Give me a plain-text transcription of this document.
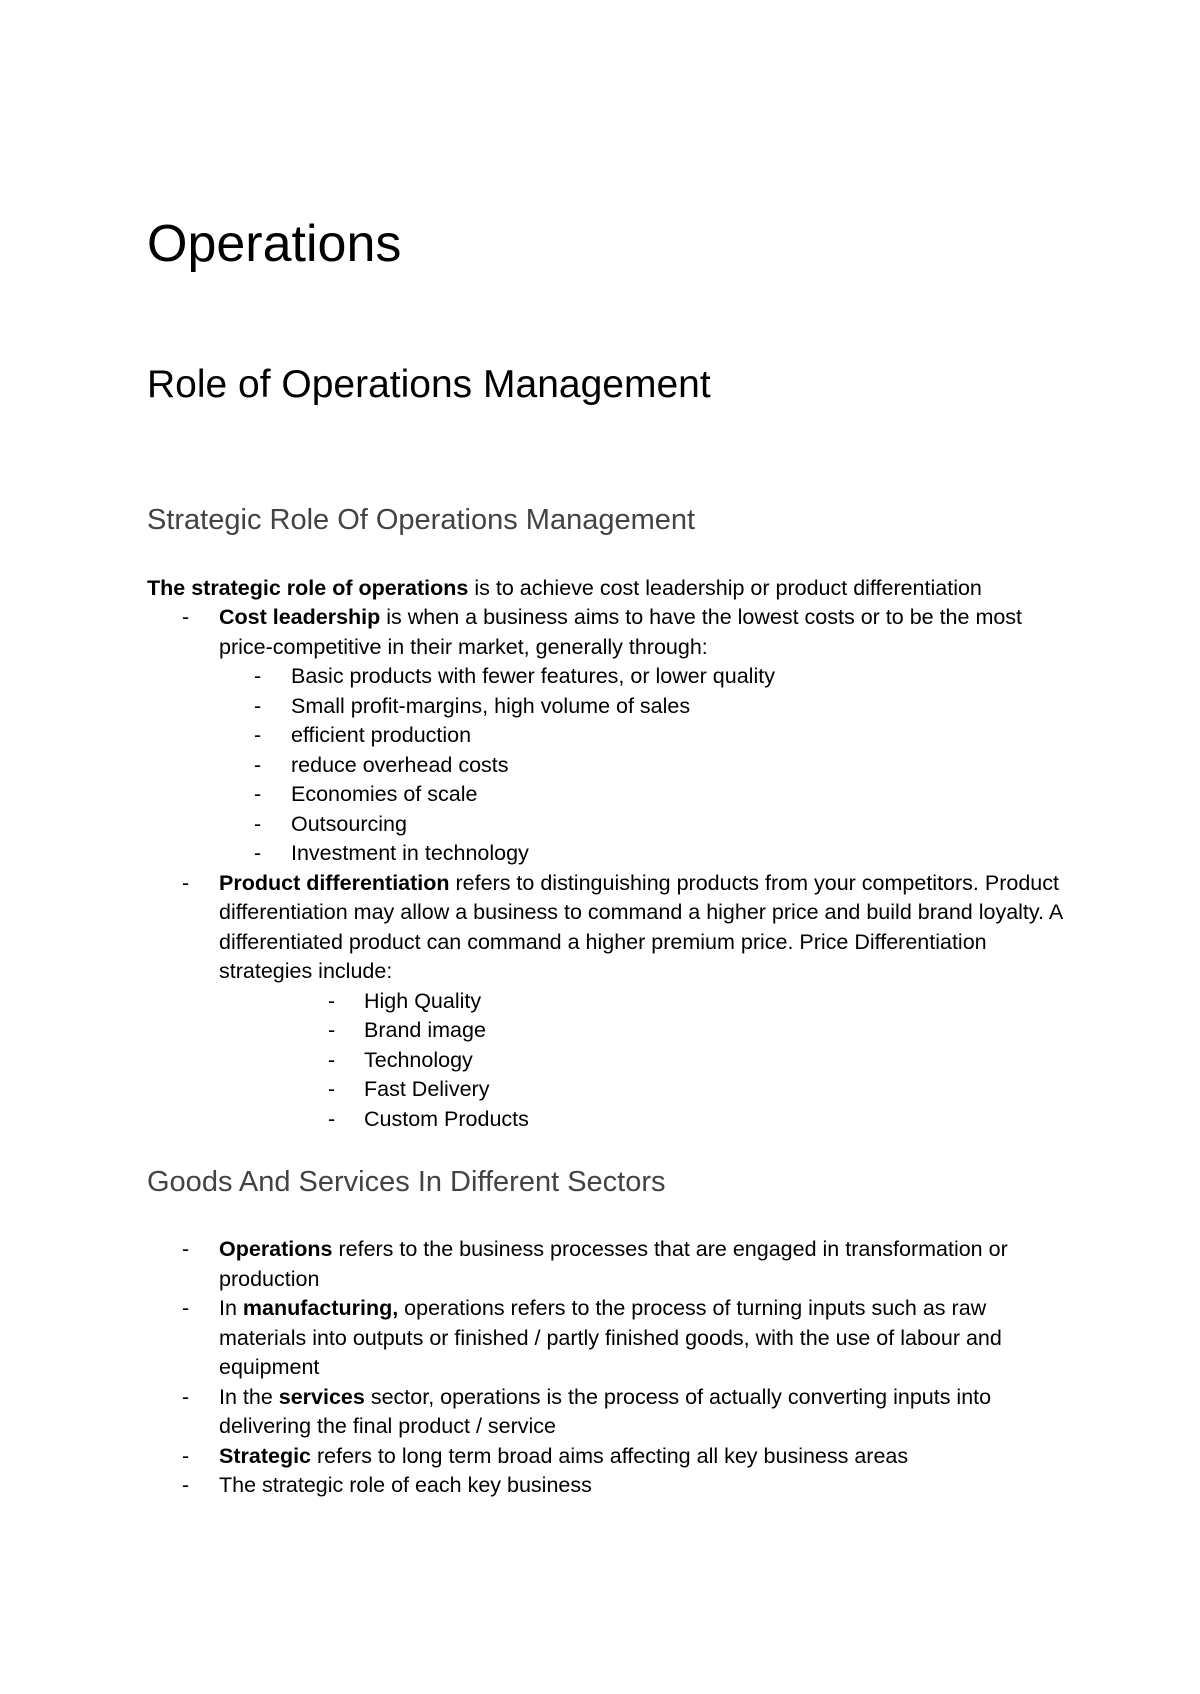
Operations
Role of Operations Management
Strategic Role Of Operations Management

The strategic role of operations is to achieve cost leadership or product differentiation

- Cost leadership is when a business aims to have the lowest costs or to be the most price-competitive in their market, generally through:
- Basic products with fewer features, or lower quality
- Small profit-margins, high volume of sales
- efficient production
- reduce overhead costs
- Economies of scale
- Outsourcing
- Investment in technology
- Product differentiation refers to distinguishing products from your competitors. Product differentiation may allow a business to command a higher price and build brand loyalty. A differentiated product can command a higher premium price. Price Differentiation strategies include:
- High Quality
- Brand image
- Technology
- Fast Delivery
- Custom Products
Goods And Services In Different Sectors
- Operations refers to the business processes that are engaged in transformation or production
- In manufacturing, operations refers to the process of turning inputs such as raw materials into outputs or finished / partly finished goods, with the use of labour and equipment
- In the services sector, operations is the process of actually converting inputs into delivering the final product / service
- Strategic refers to long term broad aims affecting all key business areas
- The strategic role of each key business
